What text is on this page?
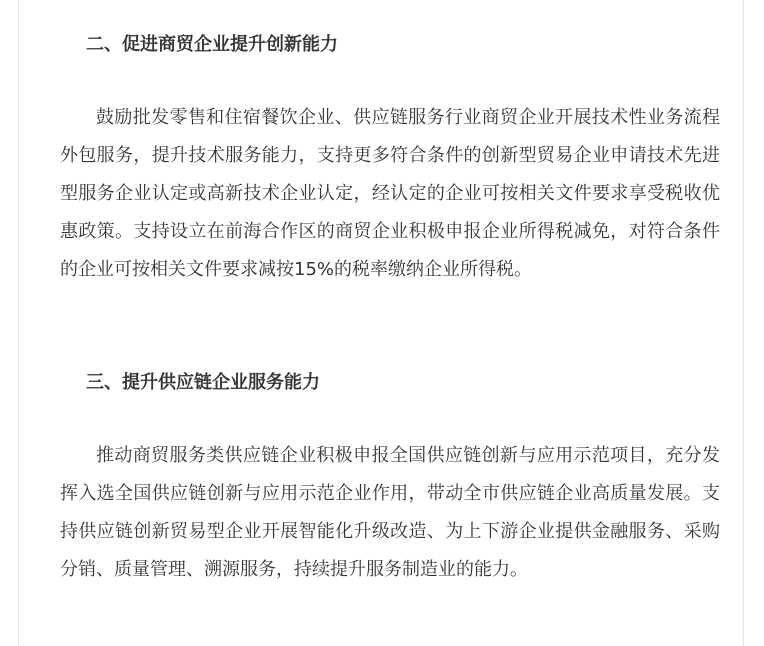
二、促进商贸企业提升创新能力

鼓励批发零售和住宿餐饮企业、供应链服务行业商贸企业开展技术性业务流程外包服务，提升技术服务能力，支持更多符合条件的创新型贸易企业申请技术先进型服务企业认定或高新技术企业认定，经认定的企业可按相关文件要求享受税收优惠政策。支持设立在前海合作区的商贸企业积极申报企业所得税减免，对符合条件的企业可按相关文件要求减按15%的税率缴纳企业所得税。

三、提升供应链企业服务能力

推动商贸服务类供应链企业积极申报全国供应链创新与应用示范项目，充分发挥入选全国供应链创新与应用示范企业作用，带动全市供应链企业高质量发展。支持供应链创新贸易型企业开展智能化升级改造、为上下游企业提供金融服务、采购分销、质量管理、溯源服务，持续提升服务制造业的能力。
